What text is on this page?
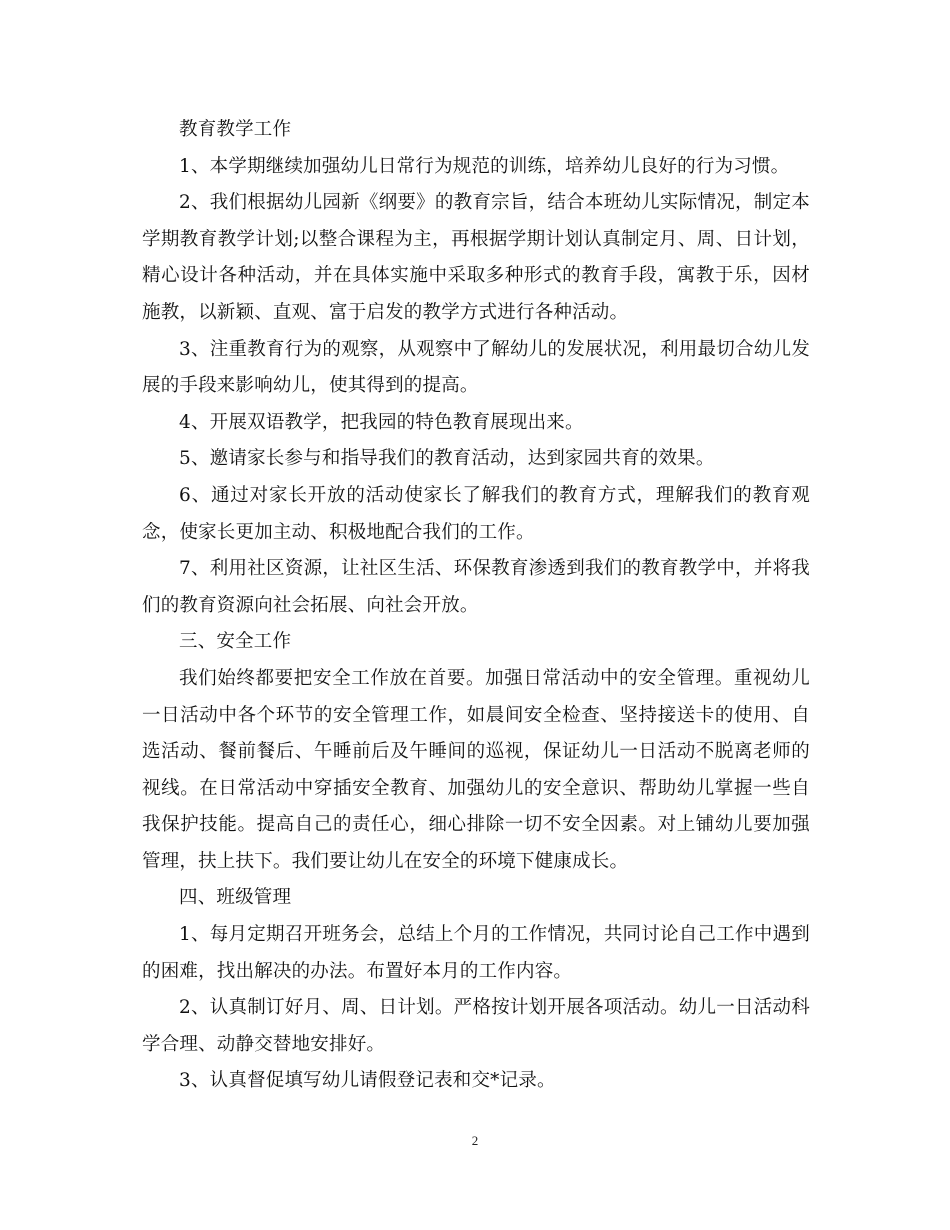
教育教学工作

1、本学期继续加强幼儿日常行为规范的训练，培养幼儿良好的行为习惯。

2、我们根据幼儿园新《纲要》的教育宗旨，结合本班幼儿实际情况，制定本学期教育教学计划;以整合课程为主，再根据学期计划认真制定月、周、日计划，精心设计各种活动，并在具体实施中采取多种形式的教育手段，寓教于乐，因材施教，以新颖、直观、富于启发的教学方式进行各种活动。

3、注重教育行为的观察，从观察中了解幼儿的发展状况，利用最切合幼儿发展的手段来影响幼儿，使其得到的提高。

4、开展双语教学，把我园的特色教育展现出来。

5、邀请家长参与和指导我们的教育活动，达到家园共育的效果。

6、通过对家长开放的活动使家长了解我们的教育方式，理解我们的教育观念，使家长更加主动、积极地配合我们的工作。

7、利用社区资源，让社区生活、环保教育渗透到我们的教育教学中，并将我们的教育资源向社会拓展、向社会开放。

三、安全工作

我们始终都要把安全工作放在首要。加强日常活动中的安全管理。重视幼儿一日活动中各个环节的安全管理工作，如晨间安全检查、坚持接送卡的使用、自选活动、餐前餐后、午睡前后及午睡间的巡视，保证幼儿一日活动不脱离老师的视线。在日常活动中穿插安全教育、加强幼儿的安全意识、帮助幼儿掌握一些自我保护技能。提高自己的责任心，细心排除一切不安全因素。对上铺幼儿要加强管理，扶上扶下。我们要让幼儿在安全的环境下健康成长。

四、班级管理

1、每月定期召开班务会，总结上个月的工作情况，共同讨论自己工作中遇到的困难，找出解决的办法。布置好本月的工作内容。

2、认真制订好月、周、日计划。严格按计划开展各项活动。幼儿一日活动科学合理、动静交替地安排好。

3、认真督促填写幼儿请假登记表和交*记录。

2
